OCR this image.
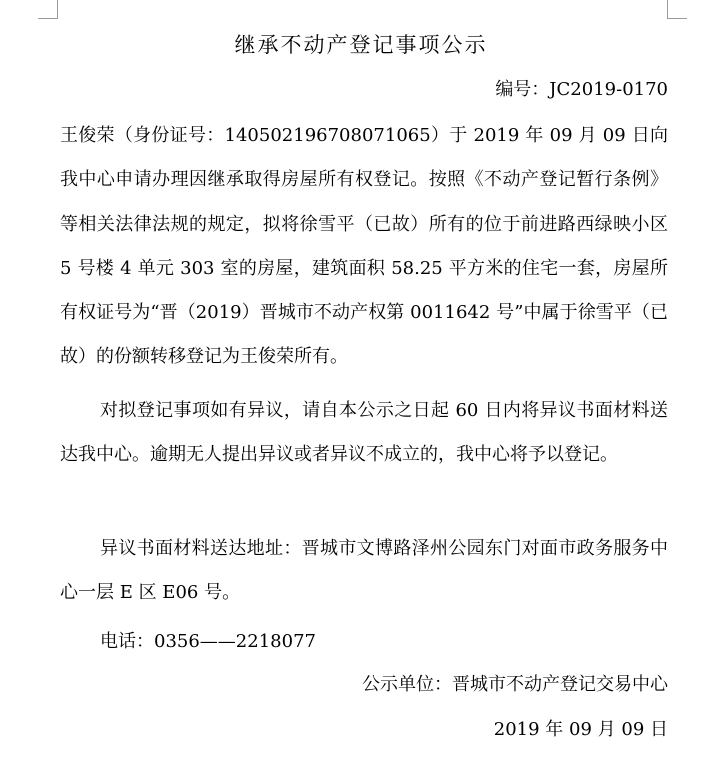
继承不动产登记事项公示
编号：JC2019-0170

王俊荣（身份证号：140502196708071065）于 2019 年 09 月 09 日向我中心申请办理因继承取得房屋所有权登记。按照《不动产登记暂行条例》等相关法律法规的规定，拟将徐雪平（已故）所有的位于前进路西绿映小区 5 号楼 4 单元 303 室的房屋，建筑面积 58.25 平方米的住宅一套，房屋所有权证号为“晋（2019）晋城市不动产权第 0011642 号”中属于徐雪平（已故）的份额转移登记为王俊荣所有。

对拟登记事项如有异议，请自本公示之日起 60 日内将异议书面材料送达我中心。逾期无人提出异议或者异议不成立的，我中心将予以登记。

异议书面材料送达地址：晋城市文博路泽州公园东门对面市政务服务中心一层 E 区 E06 号。

电话：0356——2218077

公示单位：晋城市不动产登记交易中心
2019 年 09 月 09 日
